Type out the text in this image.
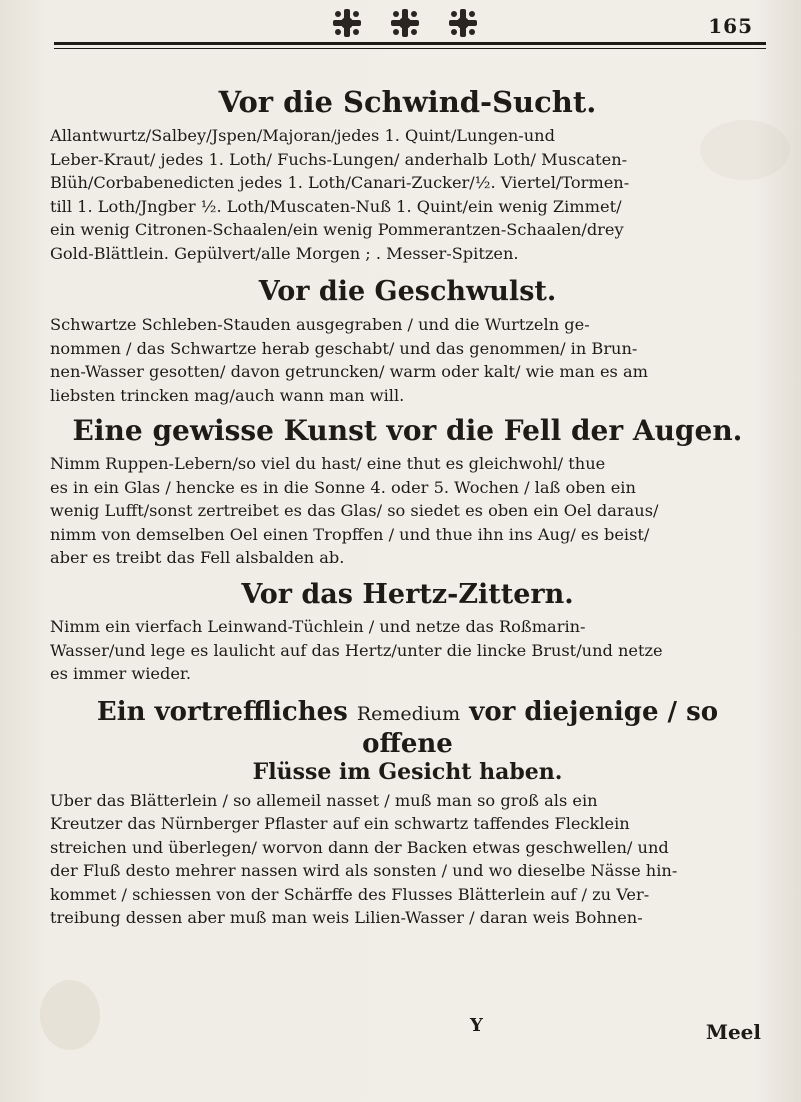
165
Vor die Schwind-Sucht.
Allantwurtz/Salbey/Jspen/Majoran/jedes 1. Quint/Lungen-und
Leber-Kraut/ jedes 1. Loth/ Fuchs-Lungen/ anderhalb Loth/ Muscaten-
Blüh/Corbabenedicten jedes 1. Loth/Canari-Zucker/½. Viertel/Tormen-
till 1. Loth/Jngber ½. Loth/Muscaten-Nuß 1. Quint/ein wenig Zimmet/
ein wenig Citronen-Schaalen/ein wenig Pommerantzen-Schaalen/drey
Gold-Blättlein. Gepülvert/alle Morgen ; . Messer-Spitzen.
Vor die Geschwulst.
Schwartze Schleben-Stauden ausgegraben / und die Wurtzeln ge-
nommen / das Schwartze herab geschabt/ und das genommen/ in Brun-
nen-Wasser gesotten/ davon getruncken/ warm oder kalt/ wie man es am
liebsten trincken mag/auch wann man will.
Eine gewisse Kunst vor die Fell der Augen.
Nimm Ruppen-Lebern/so viel du hast/ eine thut es gleichwohl/ thue
es in ein Glas / hencke es in die Sonne 4. oder 5. Wochen / laß oben ein
wenig Lufft/sonst zertreibet es das Glas/ so siedet es oben ein Oel daraus/
nimm von demselben Oel einen Tropffen / und thue ihn ins Aug/ es beist/
aber es treibt das Fell alsbalden ab.
Vor das Hertz-Zittern.
Nimm ein vierfach Leinwand-Tüchlein / und netze das Roßmarin-
Wasser/und lege es laulicht auf das Hertz/unter die lincke Brust/und netze
es immer wieder.
Ein vortreffliches Remedium vor diejenige / so offene
Flüsse im Gesicht haben.
Uber das Blätterlein / so allemeil nasset / muß man so groß als ein
Kreutzer das Nürnberger Pflaster auf ein schwartz taffendes Flecklein
streichen und überlegen/ worvon dann der Backen etwas geschwellen/ und
der Fluß desto mehrer nassen wird als sonsten / und wo dieselbe Nässe hin-
kommet / schiessen von der Schärffe des Flusses Blätterlein auf / zu Ver-
treibung dessen aber muß man weis Lilien-Wasser / daran weis Bohnen-
Y	Meel
